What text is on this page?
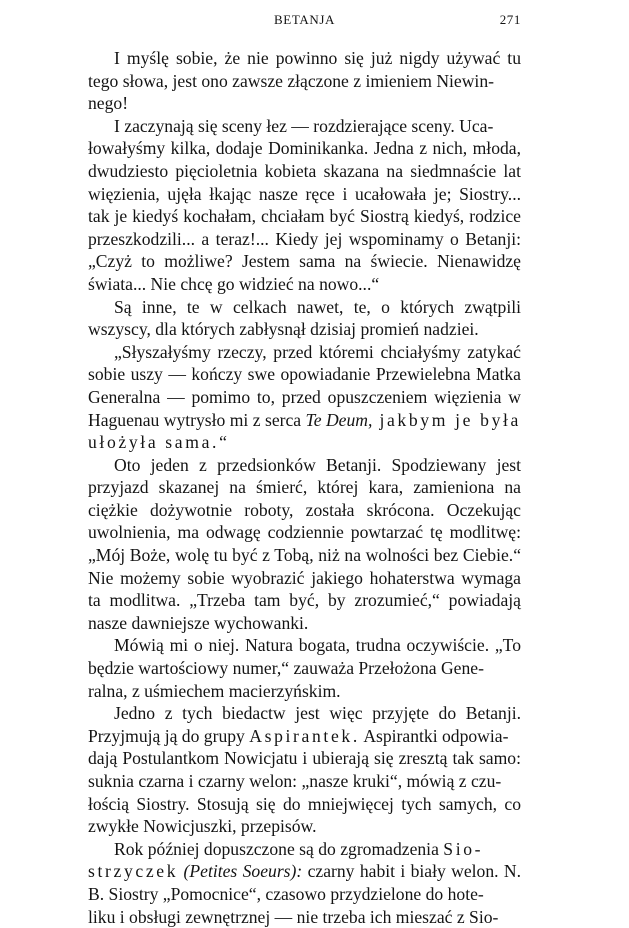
BETANJA	271

I myślę sobie, że nie powinno się już nigdy używać tu tego słowa, jest ono zawsze złączone z imieniem Niewin-
nego!

I zaczynają się sceny łez — rozdzierające sceny. Uca-
łowałyśmy kilka, dodaje Dominikanka. Jedna z nich, młoda, dwudziesto pięcioletnia kobieta skazana na siedmnaście lat więzienia, ujęła łkając nasze ręce i ucałowała je; Siostry... tak je kiedyś kochałam, chciałam być Siostrą kiedyś, rodzice przeszkodzili... a teraz!... Kiedy jej wspominamy o Betanji: „Czyż to możliwe? Jestem sama na świecie. Nienawidzę świata... Nie chcę go widzieć na nowo...“

Są inne, te w celkach nawet, te, o których zwątpili wszyscy, dla których zabłysnął dzisiaj promień nadziei.

„Słyszałyśmy rzeczy, przed któremi chciałyśmy zatykać sobie uszy — kończy swe opowiadanie Przewielebna Matka Generalna — pomimo to, przed opuszczeniem więzienia w Haguenau wytrysło mi z serca Te Deum, jakbym je była ułożyła sama.“

Oto jeden z przedsionków Betanji. Spodziewany jest przyjazd skazanej na śmierć, której kara, zamieniona na ciężkie dożywotnie roboty, została skrócona. Oczekując uwolnienia, ma odwagę codziennie powtarzać tę modlitwę: „Mój Boże, wolę tu być z Tobą, niż na wolności bez Ciebie.“ Nie możemy sobie wyobrazić jakiego hohaterstwa wymaga ta modlitwa. „Trzeba tam być, by zrozumieć,“ powiadają nasze dawniejsze wychowanki.

Mówią mi o niej. Natura bogata, trudna oczywiście. „To będzie wartościowy numer,“ zauważa Przełożona Gene-
ralna, z uśmiechem macierzyńskim.

Jedno z tych biedactw jest więc przyjęte do Betanji. Przyjmują ją do grupy Aspirantek. Aspirantki odpowia-
dają Postulantkom Nowicjatu i ubierają się zresztą tak samo: suknia czarna i czarny welon: „nasze kruki“, mówią z czu-
łością Siostry. Stosują się do mniejwięcej tych samych, co zwykłe Nowicjuszki, przepisów.

Rok później dopuszczone są do zgromadzenia Sio-
strzyczek (Petites Soeurs): czarny habit i biały welon. N. B. Siostry „Pomocnice“, czasowo przydzielone do hote-
liku i obsługi zewnętrznej — nie trzeba ich mieszać z Sio-
